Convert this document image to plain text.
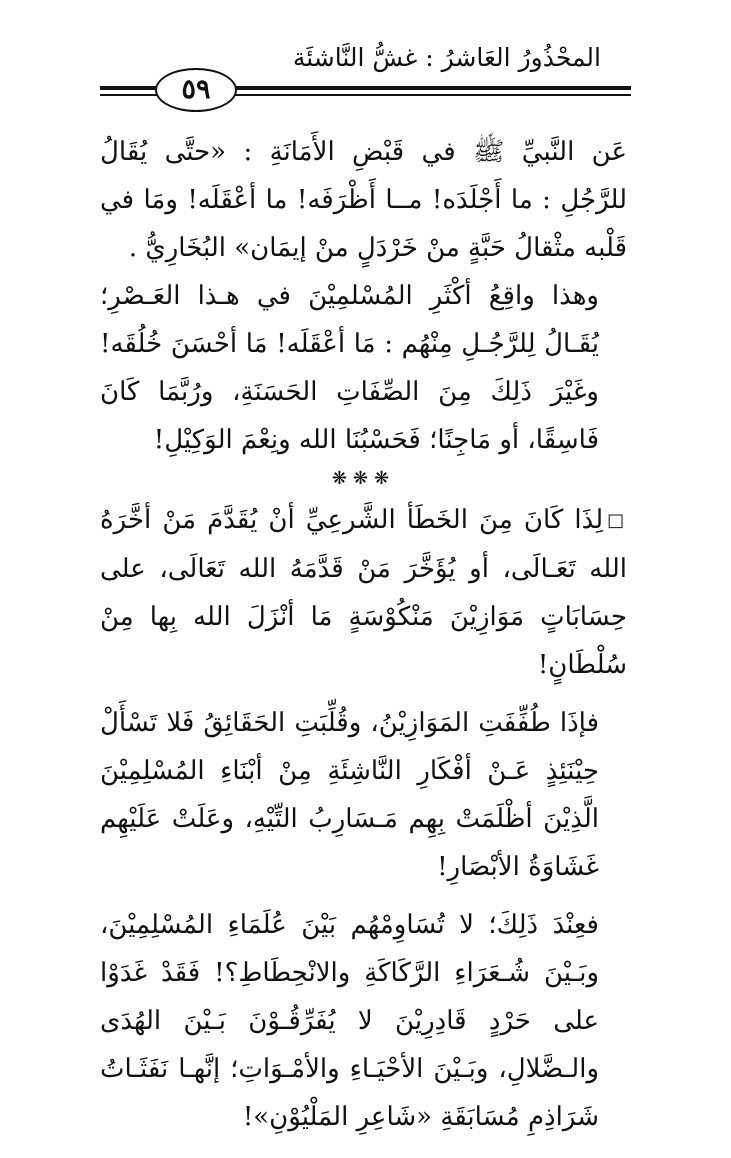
المحْذُورُ العَاشرُ : غشُّ النَّاشئَة
٥٩

عَن النَّبيِّ ﷺ في قَبْضِ الأَمَانَةِ : «حتَّى يُقَالُ للرَّجُلِ : ما أَجْلَدَه! مــا أَظْرَفَه! ما أعْقَلَه! ومَا في قَلْبه مثْقالُ حَبَّةٍ منْ خَرْدَلٍ منْ إيمَان» البُخَارِيُّ .

وهذا واقِعُ أكْثَرِ المُسْلمِيْنَ في هـذا العَـصْرِ؛ يُقَـالُ لِلرَّجُـلِ مِنْهُم : مَا أعْقَلَه! مَا أحْسَنَ خُلُقَه! وغَيْرَ ذَلِكَ مِنَ الصِّفَاتِ الحَسَنَةِ، ورُبَّمَا كَانَ فَاسِقًا، أو مَاجِنًا؛ فَحَسْبُنَا الله ونِعْمَ الوَكِيْلِ!

❋❋❋

□لِذَا كَانَ مِنَ الخَطَأ الشَّرعِيِّ أنْ يُقَدَّمَ مَنْ أخَّرَهُ الله تَعَـالَى، أو يُؤَخَّرَ مَنْ قَدَّمَهُ الله تَعَالَى، على حِسَابَاتٍ مَوَازِيْنَ مَنْكُوْسَةٍ مَا أنْزَلَ الله بِها مِنْ سُلْطَانٍ!

فإذَا طُفِّفَتِ المَوَازِيْنُ، وقُلِّبَتِ الحَقَائِقُ فَلا تَسْأَلْ حِيْنَئِذٍ عَـنْ أفْكَارِ النَّاشِئَةِ مِنْ أبْنَاءِ المُسْلِمِيْنَ الَّذِيْنَ أظْلَمَتْ بِهِم مَـسَارِبُ التِّيْهِ، وعَلَتْ عَلَيْهِم غَشَاوَةُ الأبْصَارِ!

فعِنْدَ ذَلِكَ؛ لا تُسَاوِمْهُم بَيْنَ عُلَمَاءِ المُسْلِمِيْنَ، وبَـيْنَ شُـعَرَاءِ الرَّكَاكَةِ والانْحِطَاطِ؟! فَقَدْ غَدَوْا على حَرْدٍ قَادِرِيْنَ لا يُفَرِّقُـوْنَ بَـيْنَ الهُدَى والـضَّلالِ، وبَـيْنَ الأحْيَـاءِ والأمْـوَاتِ؛ إنَّهـا نَفَثَـاتُ شَرَاذِمِ مُسَابَقَةِ «شَاعِرِ المَلْيُوْنِ»!
